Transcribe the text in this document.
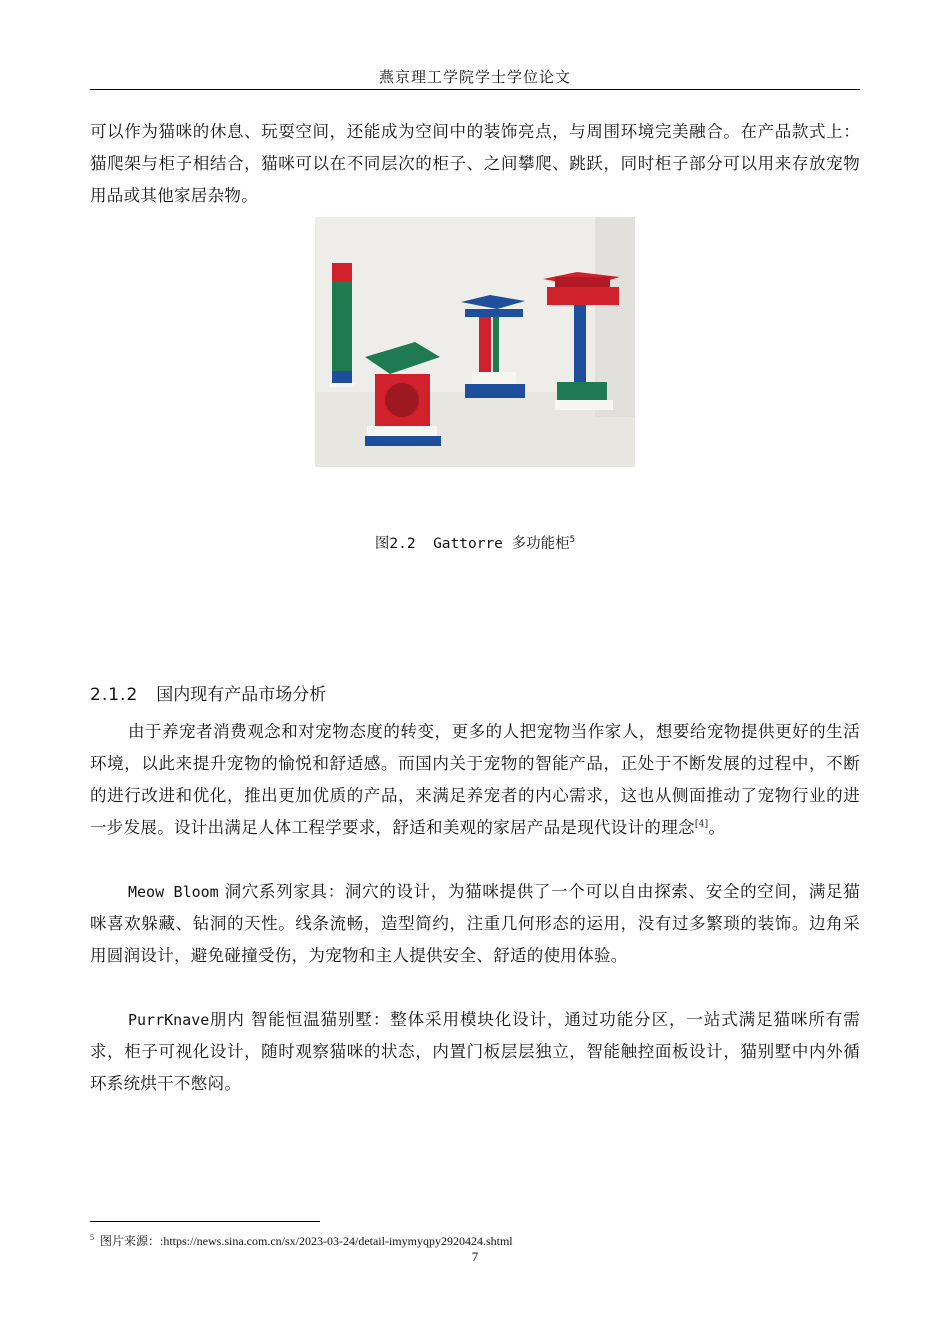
燕京理工学院学士学位论文

可以作为猫咪的休息、玩耍空间，还能成为空间中的装饰亮点，与周围环境完美融合。在产品款式上：猫爬架与柜子相结合，猫咪可以在不同层次的柜子、之间攀爬、跳跃，同时柜子部分可以用来存放宠物用品或其他家居杂物。

图2.2 Gattorre 多功能柜$^5$
2.1.2 国内现有产品市场分析

由于养宠者消费观念和对宠物态度的转变，更多的人把宠物当作家人，想要给宠物提供更好的生活环境，以此来提升宠物的愉悦和舒适感。而国内关于宠物的智能产品，正处于不断发展的过程中，不断的进行改进和优化，推出更加优质的产品，来满足养宠者的内心需求，这也从侧面推动了宠物行业的进一步发展。设计出满足人体工程学要求，舒适和美观的家居产品是现代设计的理念[4]。

Meow Bloom 洞穴系列家具：洞穴的设计，为猫咪提供了一个可以自由探索、安全的空间，满足猫咪喜欢躲藏、钻洞的天性。线条流畅，造型简约，注重几何形态的运用，没有过多繁琐的装饰。边角采用圆润设计，避免碰撞受伤，为宠物和主人提供安全、舒适的使用体验。

PurrKnave朋内 智能恒温猫别墅：整体采用模块化设计，通过功能分区，一站式满足猫咪所有需求，柜子可视化设计，随时观察猫咪的状态，内置门板层层独立，智能触控面板设计，猫别墅中内外循环系统烘干不憋闷。

$^5$ 图片来源：:https://news.sina.com.cn/sx/2023-03-24/detail-imymyqpy2920424.shtml
7
